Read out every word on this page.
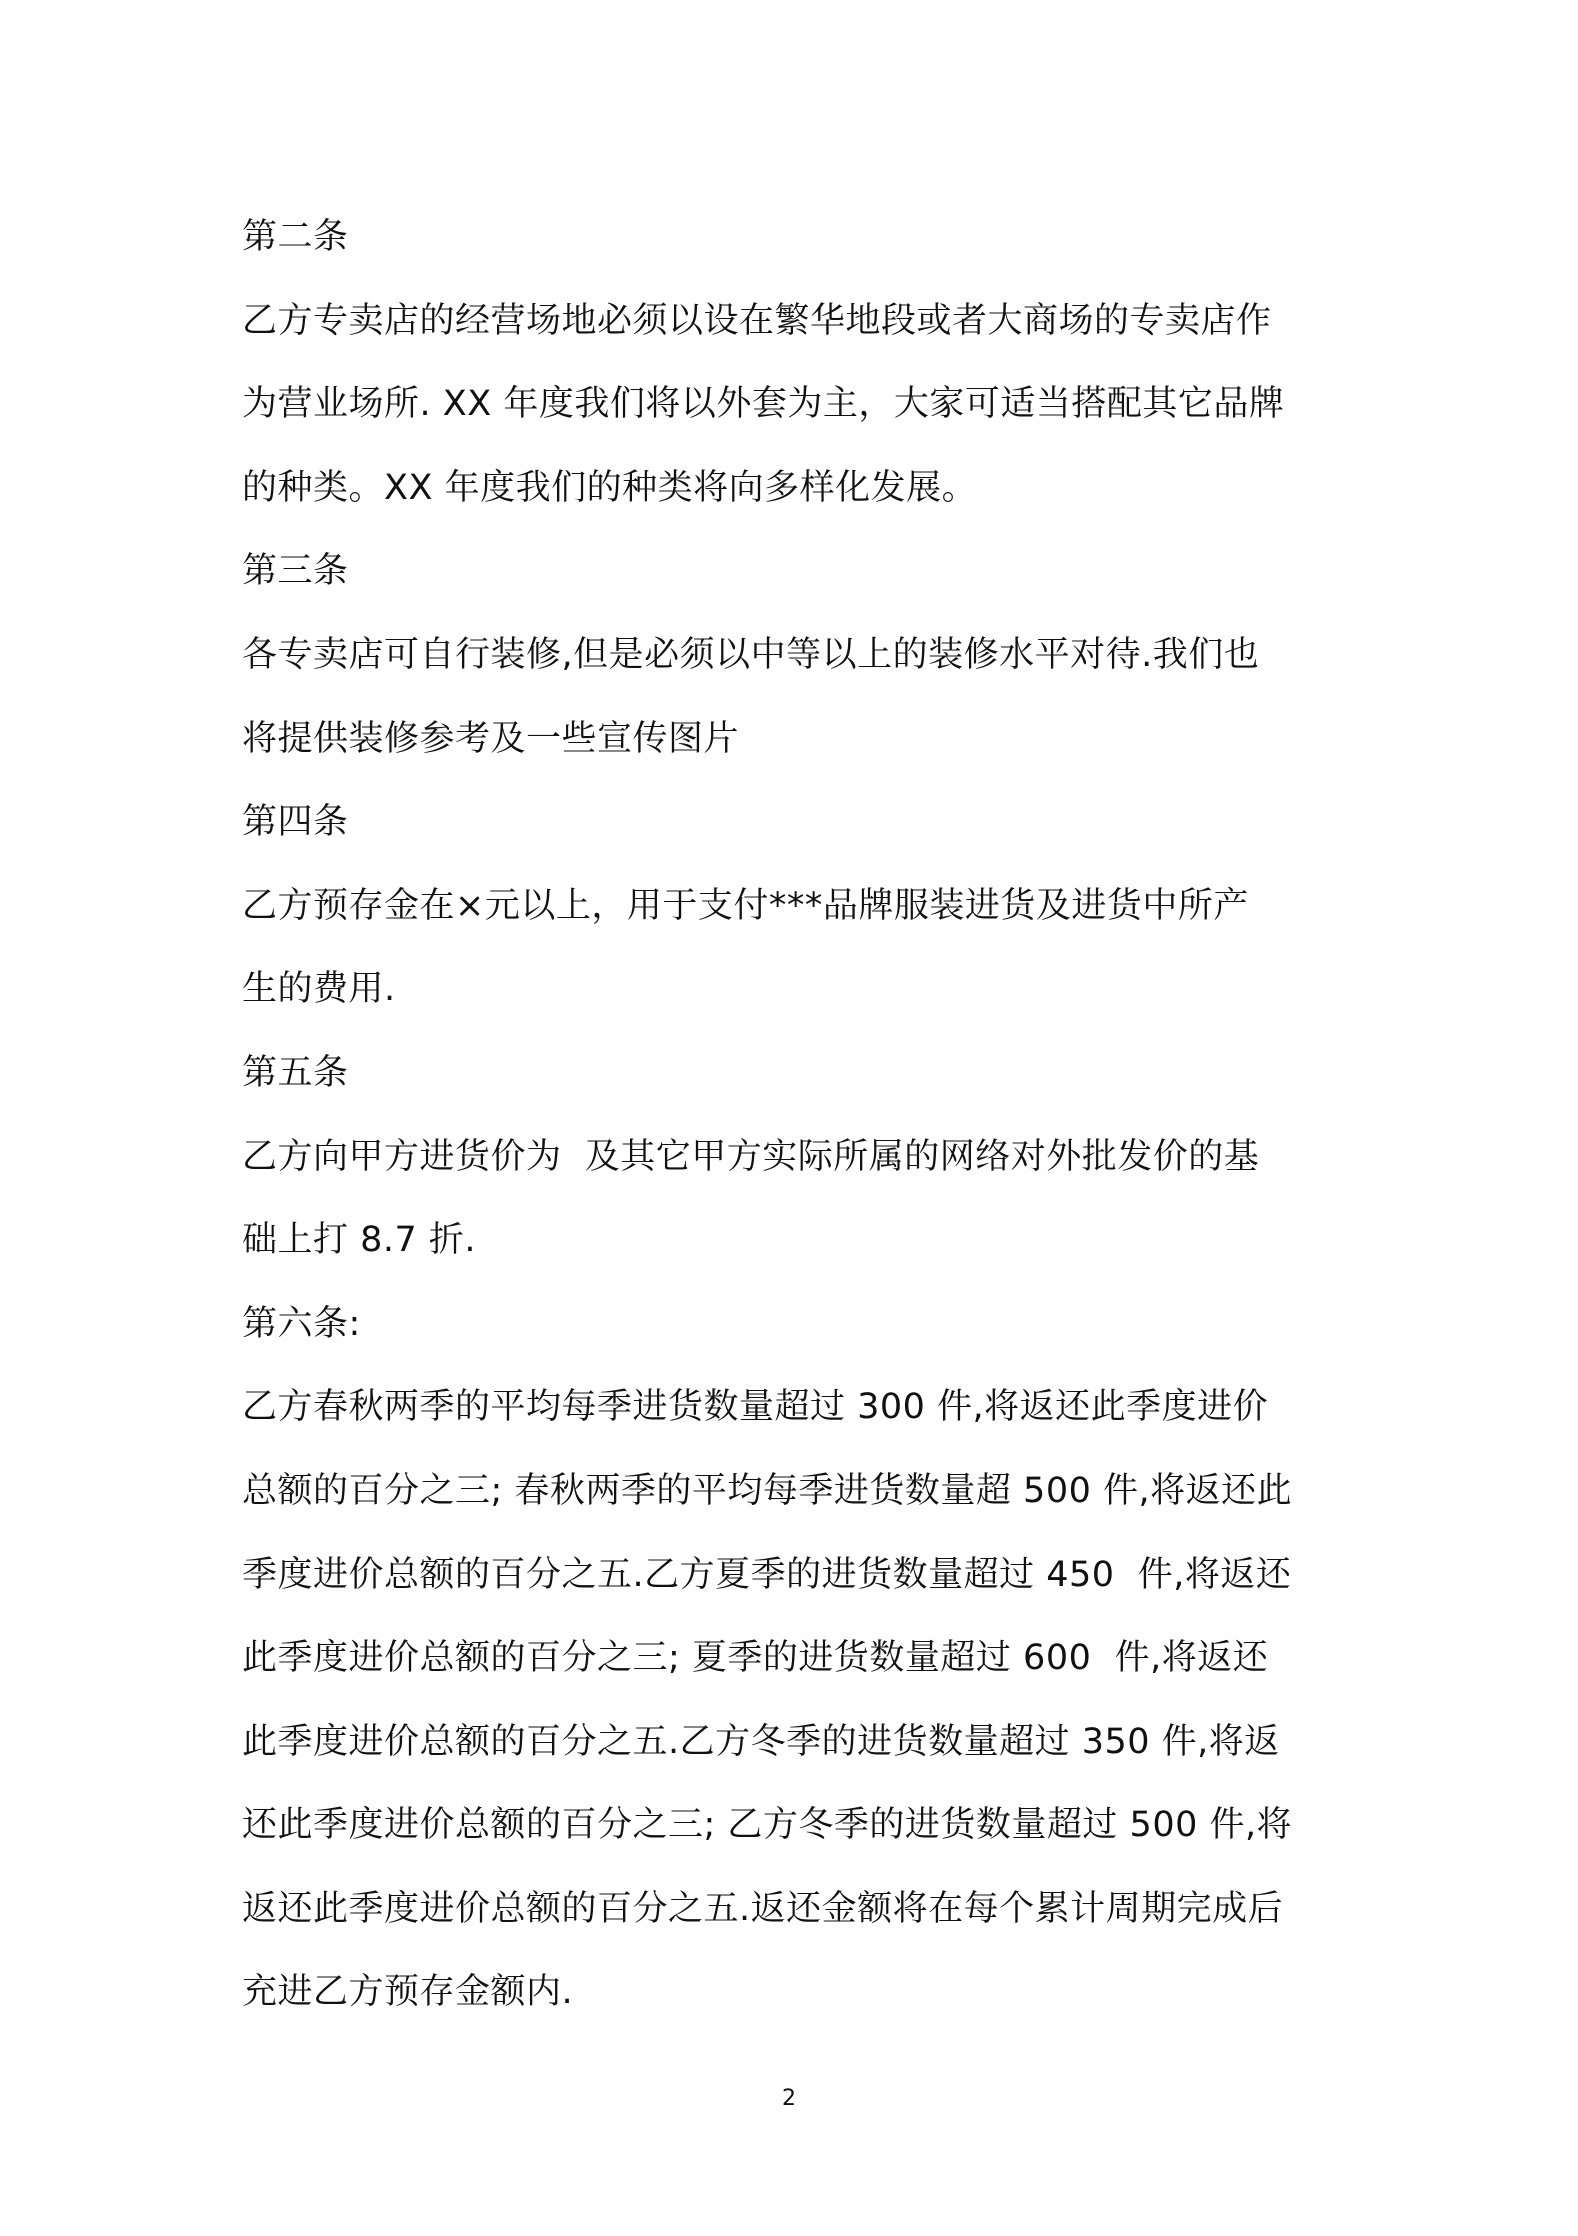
第二条
乙方专卖店的经营场地必须以设在繁华地段或者大商场的专卖店作
为营业场所. XX 年度我们将以外套为主，大家可适当搭配其它品牌
的种类。XX 年度我们的种类将向多样化发展。
第三条
各专卖店可自行装修,但是必须以中等以上的装修水平对待.我们也
将提供装修参考及一些宣传图片
第四条
乙方预存金在×元以上，用于支付***品牌服装进货及进货中所产
生的费用.
第五条
乙方向甲方进货价为  及其它甲方实际所属的网络对外批发价的基
础上打 8.7 折.
第六条:
乙方春秋两季的平均每季进货数量超过 300 件,将返还此季度进价
总额的百分之三; 春秋两季的平均每季进货数量超 500 件,将返还此
季度进价总额的百分之五.乙方夏季的进货数量超过 450  件,将返还
此季度进价总额的百分之三; 夏季的进货数量超过 600  件,将返还
此季度进价总额的百分之五.乙方冬季的进货数量超过 350 件,将返
还此季度进价总额的百分之三; 乙方冬季的进货数量超过 500 件,将
返还此季度进价总额的百分之五.返还金额将在每个累计周期完成后
充进乙方预存金额内.
2
